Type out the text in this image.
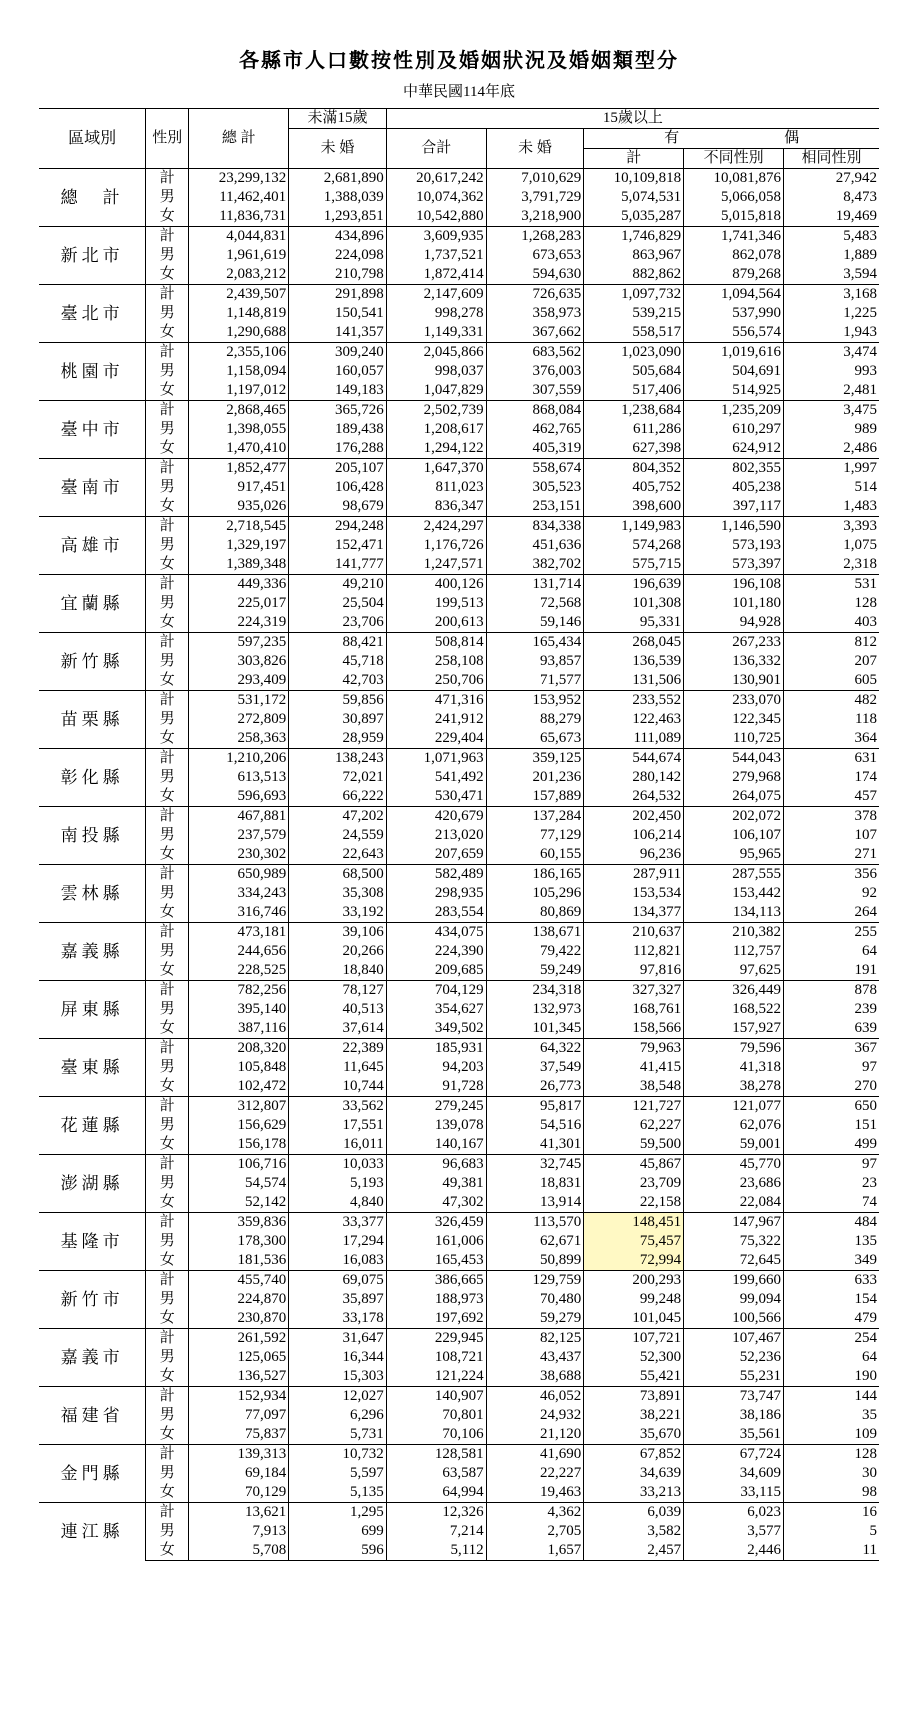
各縣市人口數按性別及婚姻狀況及婚姻類型分
中華民國114年底
區域別	性別	總 計	未滿15歲	15歲以上				
			未 婚	合計	未 婚	有 偶		
						計	不同性別	相同性別
總　計	計	23,299,132	2,681,890	20,617,242	7,010,629	10,109,818	10,081,876	27,942
	男	11,462,401	1,388,039	10,074,362	3,791,729	5,074,531	5,066,058	8,473
	女	11,836,731	1,293,851	10,542,880	3,218,900	5,035,287	5,015,818	19,469
新北市	計	4,044,831	434,896	3,609,935	1,268,283	1,746,829	1,741,346	5,483
	男	1,961,619	224,098	1,737,521	673,653	863,967	862,078	1,889
	女	2,083,212	210,798	1,872,414	594,630	882,862	879,268	3,594
臺北市	計	2,439,507	291,898	2,147,609	726,635	1,097,732	1,094,564	3,168
	男	1,148,819	150,541	998,278	358,973	539,215	537,990	1,225
	女	1,290,688	141,357	1,149,331	367,662	558,517	556,574	1,943
桃園市	計	2,355,106	309,240	2,045,866	683,562	1,023,090	1,019,616	3,474
	男	1,158,094	160,057	998,037	376,003	505,684	504,691	993
	女	1,197,012	149,183	1,047,829	307,559	517,406	514,925	2,481
臺中市	計	2,868,465	365,726	2,502,739	868,084	1,238,684	1,235,209	3,475
	男	1,398,055	189,438	1,208,617	462,765	611,286	610,297	989
	女	1,470,410	176,288	1,294,122	405,319	627,398	624,912	2,486
臺南市	計	1,852,477	205,107	1,647,370	558,674	804,352	802,355	1,997
	男	917,451	106,428	811,023	305,523	405,752	405,238	514
	女	935,026	98,679	836,347	253,151	398,600	397,117	1,483
高雄市	計	2,718,545	294,248	2,424,297	834,338	1,149,983	1,146,590	3,393
	男	1,329,197	152,471	1,176,726	451,636	574,268	573,193	1,075
	女	1,389,348	141,777	1,247,571	382,702	575,715	573,397	2,318
宜蘭縣	計	449,336	49,210	400,126	131,714	196,639	196,108	531
	男	225,017	25,504	199,513	72,568	101,308	101,180	128
	女	224,319	23,706	200,613	59,146	95,331	94,928	403
新竹縣	計	597,235	88,421	508,814	165,434	268,045	267,233	812
	男	303,826	45,718	258,108	93,857	136,539	136,332	207
	女	293,409	42,703	250,706	71,577	131,506	130,901	605
苗栗縣	計	531,172	59,856	471,316	153,952	233,552	233,070	482
	男	272,809	30,897	241,912	88,279	122,463	122,345	118
	女	258,363	28,959	229,404	65,673	111,089	110,725	364
彰化縣	計	1,210,206	138,243	1,071,963	359,125	544,674	544,043	631
	男	613,513	72,021	541,492	201,236	280,142	279,968	174
	女	596,693	66,222	530,471	157,889	264,532	264,075	457
南投縣	計	467,881	47,202	420,679	137,284	202,450	202,072	378
	男	237,579	24,559	213,020	77,129	106,214	106,107	107
	女	230,302	22,643	207,659	60,155	96,236	95,965	271
雲林縣	計	650,989	68,500	582,489	186,165	287,911	287,555	356
	男	334,243	35,308	298,935	105,296	153,534	153,442	92
	女	316,746	33,192	283,554	80,869	134,377	134,113	264
嘉義縣	計	473,181	39,106	434,075	138,671	210,637	210,382	255
	男	244,656	20,266	224,390	79,422	112,821	112,757	64
	女	228,525	18,840	209,685	59,249	97,816	97,625	191
屏東縣	計	782,256	78,127	704,129	234,318	327,327	326,449	878
	男	395,140	40,513	354,627	132,973	168,761	168,522	239
	女	387,116	37,614	349,502	101,345	158,566	157,927	639
臺東縣	計	208,320	22,389	185,931	64,322	79,963	79,596	367
	男	105,848	11,645	94,203	37,549	41,415	41,318	97
	女	102,472	10,744	91,728	26,773	38,548	38,278	270
花蓮縣	計	312,807	33,562	279,245	95,817	121,727	121,077	650
	男	156,629	17,551	139,078	54,516	62,227	62,076	151
	女	156,178	16,011	140,167	41,301	59,500	59,001	499
澎湖縣	計	106,716	10,033	96,683	32,745	45,867	45,770	97
	男	54,574	5,193	49,381	18,831	23,709	23,686	23
	女	52,142	4,840	47,302	13,914	22,158	22,084	74
基隆市	計	359,836	33,377	326,459	113,570	148,451	147,967	484
	男	178,300	17,294	161,006	62,671	75,457	75,322	135
	女	181,536	16,083	165,453	50,899	72,994	72,645	349
新竹市	計	455,740	69,075	386,665	129,759	200,293	199,660	633
	男	224,870	35,897	188,973	70,480	99,248	99,094	154
	女	230,870	33,178	197,692	59,279	101,045	100,566	479
嘉義市	計	261,592	31,647	229,945	82,125	107,721	107,467	254
	男	125,065	16,344	108,721	43,437	52,300	52,236	64
	女	136,527	15,303	121,224	38,688	55,421	55,231	190
福建省	計	152,934	12,027	140,907	46,052	73,891	73,747	144
	男	77,097	6,296	70,801	24,932	38,221	38,186	35
	女	75,837	5,731	70,106	21,120	35,670	35,561	109
金門縣	計	139,313	10,732	128,581	41,690	67,852	67,724	128
	男	69,184	5,597	63,587	22,227	34,639	34,609	30
	女	70,129	5,135	64,994	19,463	33,213	33,115	98
連江縣	計	13,621	1,295	12,326	4,362	6,039	6,023	16
	男	7,913	699	7,214	2,705	3,582	3,577	5
	女	5,708	596	5,112	1,657	2,457	2,446	11
